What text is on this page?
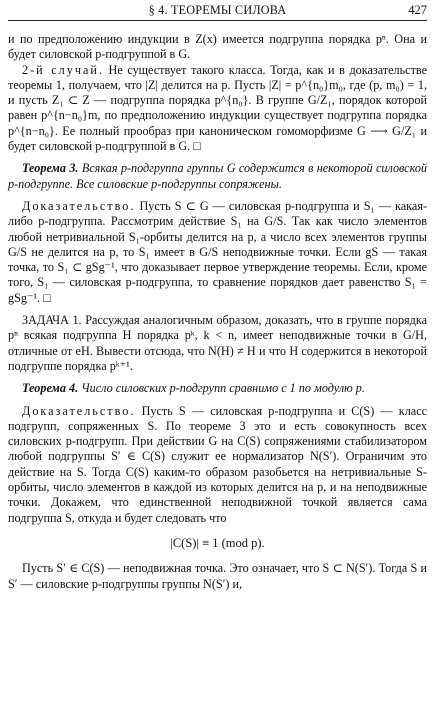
§ 4. ТЕОРЕМЫ СИЛОВА	427

и по предположению индукции в Z(x) имеется подгруппа порядка pⁿ. Она и будет силовской p-подгруппой в G.

2-й случай. Не существует такого класса. Тогда, как и в доказательстве теоремы 1, получаем, что |Z| делится на p. Пусть |Z| = p^{n₀}m₀, где (p, m₀) = 1, и пусть Z₁ ⊂ Z — подгруппа порядка p^{n₀}. В группе G/Z₁, порядок которой равен p^{n−n₀}m, по предположению индукции существует подгруппа порядка p^{n−n₀}. Ее полный прообраз при каноническом гомоморфизме G ⟶ G/Z₁ и будет силовской p-подгруппой в G. □

Теорема 3. Всякая p-подгруппа группы G содержится в некоторой силовской p-подгруппе. Все силовские p-подгруппы сопряжены.

Доказательство. Пусть S ⊂ G — силовская p-подгруппа и S₁ — какая-либо p-подгруппа. Рассмотрим действие S₁ на G/S. Так как число элементов любой нетривиальной S₁-орбиты делится на p, а число всех элементов группы G/S не делится на p, то S₁ имеет в G/S неподвижные точки. Если gS — такая точка, то S₁ ⊂ gSg⁻¹, что доказывает первое утверждение теоремы. Если, кроме того, S₁ — силовская p-подгруппа, то сравнение порядков дает равенство S₁ = gSg⁻¹. □

ЗАДАЧА 1. Рассуждая аналогичным образом, доказать, что в группе порядка pⁿ всякая подгруппа H порядка pᵏ, k < n, имеет неподвижные точки в G/H, отличные от eH. Вывести отсюда, что N(H) ≠ H и что H содержится в некоторой подгруппе порядка pᵏ⁺¹.

Теорема 4. Число силовских p-подгрупп сравнимо с 1 по модулю p.

Доказательство. Пусть S — силовская p-подгруппа и C(S) — класс подгрупп, сопряженных S. По теореме 3 это и есть совокупность всех силовских p-подгрупп. При действии G на C(S) сопряжениями стабилизатором любой подгруппы S′ ∈ C(S) служит ее нормализатор N(S′). Ограничим это действие на S. Тогда C(S) каким-то образом разобьется на нетривиальные S-орбиты, число элементов в каждой из которых делится на p, и на неподвижные точки. Докажем, что единственной неподвижной точкой является сама подгруппа S, откуда и будет следовать что

|C(S)| ≡ 1 (mod p).

Пусть S′ ∈ C(S) — неподвижная точка. Это означает, что S ⊂ N(S′). Тогда S и S′ — силовские p-подгруппы группы N(S′) и,
